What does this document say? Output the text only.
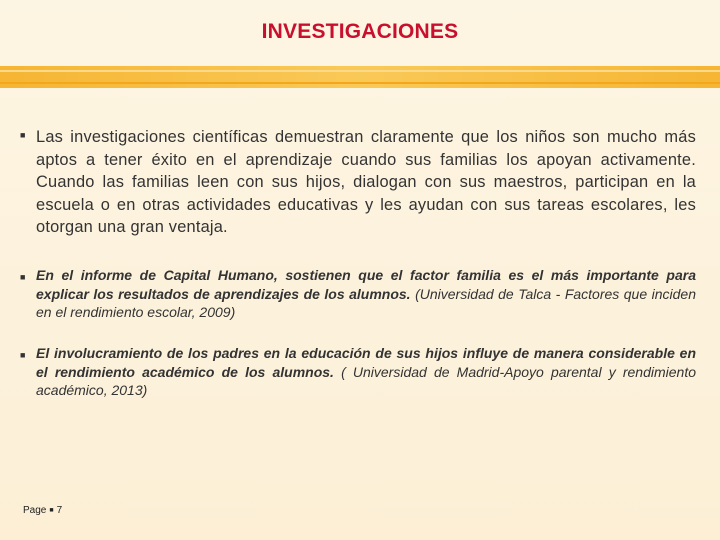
INVESTIGACIONES
■ Las investigaciones científicas demuestran claramente que los niños son mucho más aptos a tener éxito en el aprendizaje cuando sus familias los apoyan activamente. Cuando las familias leen con sus hijos, dialogan con sus maestros, participan en la escuela o en otras actividades educativas y les ayudan con sus tareas escolares, les otorgan una gran ventaja.
■ En el informe de Capital Humano, sostienen que el factor familia es el más importante para explicar los resultados de aprendizajes de los alumnos. (Universidad de Talca - Factores que inciden en el rendimiento escolar, 2009)
■ El involucramiento de los padres en la educación de sus hijos influye de manera considerable en el rendimiento académico de los alumnos. ( Universidad de Madrid-Apoyo parental y rendimiento académico, 2013)
Page ■ 7
